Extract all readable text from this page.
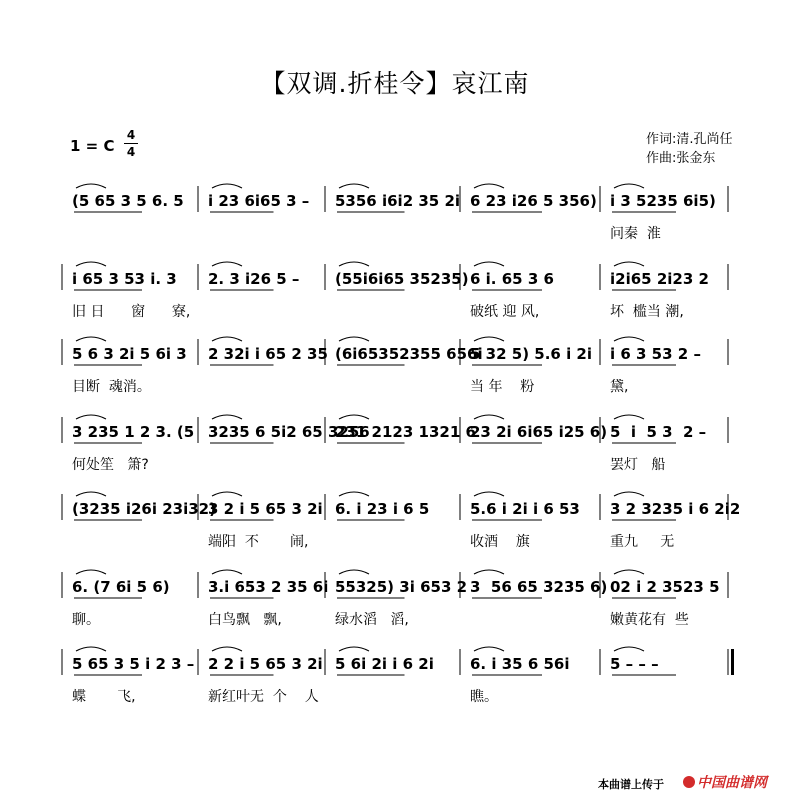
【双调.折桂令】哀江南
1 = C
4
4
作词:清.孔尚任
作曲:张金东
(5 65 3 5 6. 5	i 23 6i65 3 –	5356 i6i2 35 2i 6 23 i26 5 356) i 3 5235 6i5)
问秦  淮
i 65 3 53 i. 3	2. 3 i26 5 –	(55i6i65 35235) 6 i. 65 3 6	i2i65 2i23 2
旧 日      窗      寮,	破纸 迎 风,	坏  槛当 潮,
5 6 3 2i 5 6i 3	2 32i i 65 2 35 (6i65352355 656i
5 32 5) 5.6 i 2i i 6 3 53 2 –
目断  魂消。	当 年    粉	黛,
3 235 1 2 3. (5 3235 6 5i2 65 3256
231 2123 1321 6
23 2i 6i65 i25 6) 5  i  5 3  2 –
何处笙   箫?	罢灯   船
(3235 i26i 23i32)
3 2 i 5 65 3 2i 6. i 23 i 6 5	5.6 i 2i i 6 53	3 2 3235 i 6 2i2
端阳  不       闹,	收酒    旗	重九     无
6. (7 6i 5 6)	3.i 653 2 35 6i 55325) 3i 653 2 3  56 65 3235 6) 02 i 2 3523 5
聊。	白鸟飘   飘,	绿水滔   滔,	嫩黄花有  些
5 65 3 5 i 2 3 – 2 2 i 5 65 3 2i 5 6i 2i i 6 2i	6. i 35 6 56i	5 – – –
蝶       飞,	新红叶无  个    人	瞧。
本曲谱上传于	中国曲谱网
